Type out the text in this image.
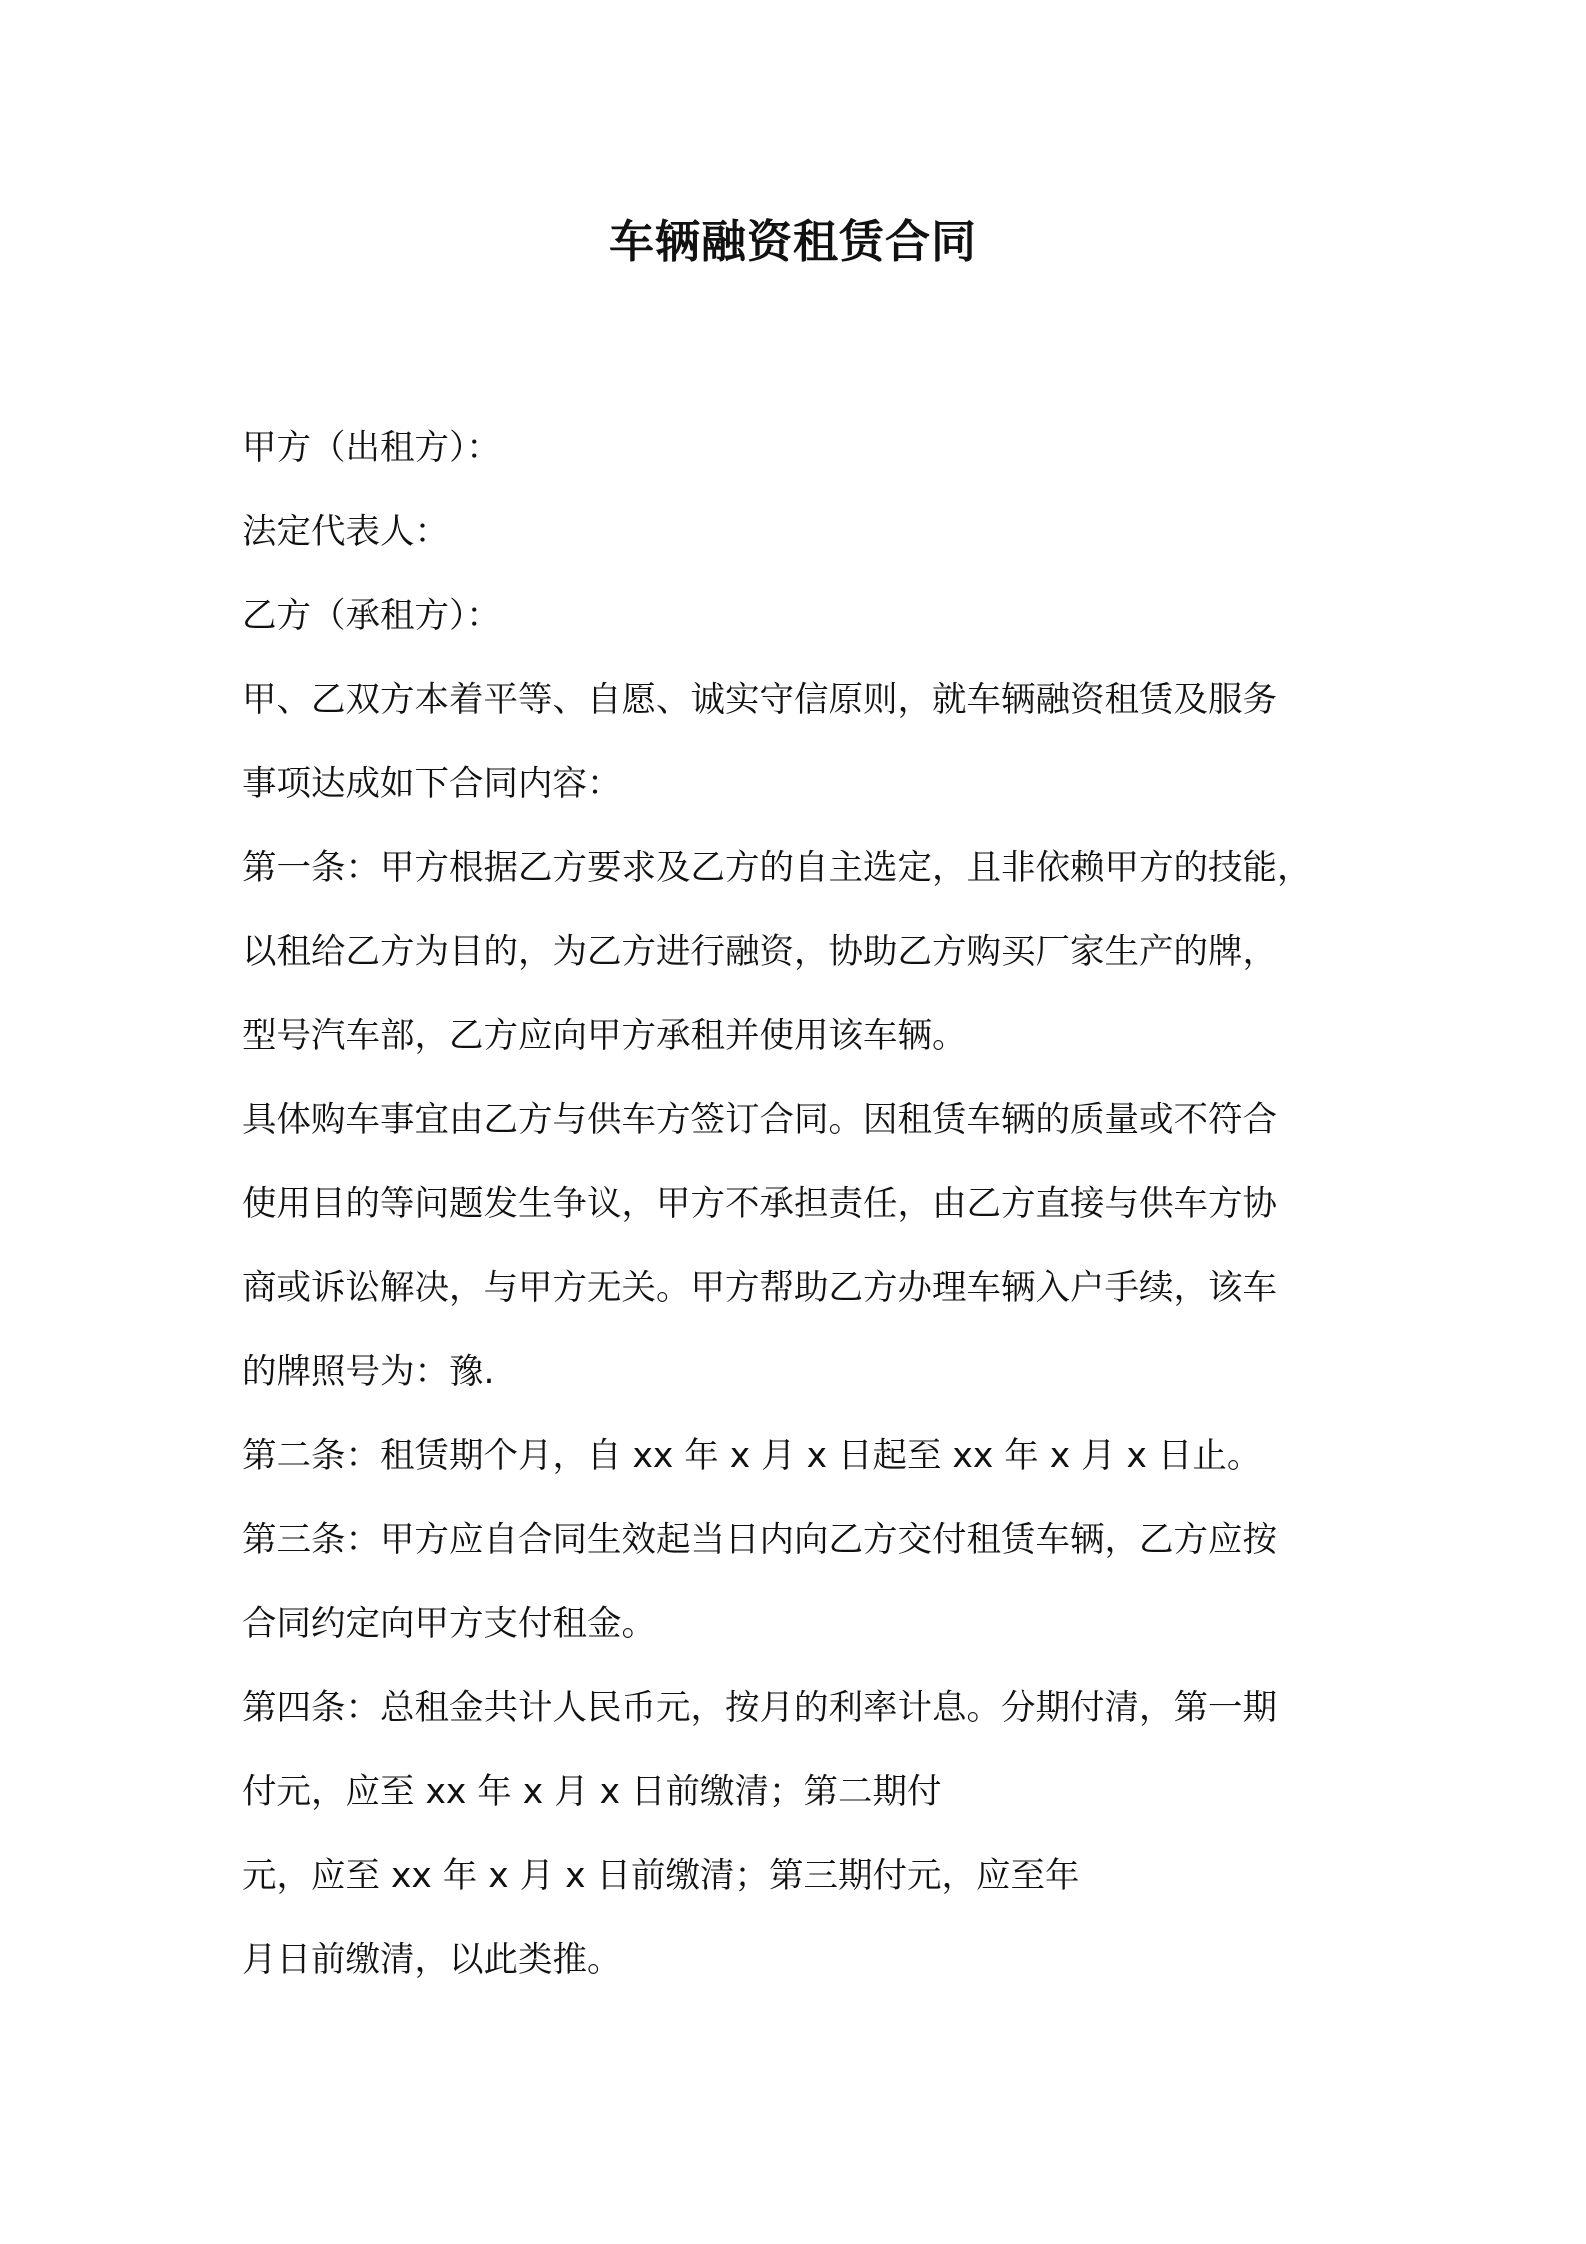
车辆融资租赁合同

甲方（出租方）：

法定代表人：

乙方（承租方）：

甲、乙双方本着平等、自愿、诚实守信原则，就车辆融资租赁及服务

事项达成如下合同内容：

第一条：甲方根据乙方要求及乙方的自主选定，且非依赖甲方的技能，

以租给乙方为目的，为乙方进行融资，协助乙方购买厂家生产的牌，

型号汽车部，乙方应向甲方承租并使用该车辆。

具体购车事宜由乙方与供车方签订合同。因租赁车辆的质量或不符合

使用目的等问题发生争议，甲方不承担责任，由乙方直接与供车方协

商或诉讼解决，与甲方无关。甲方帮助乙方办理车辆入户手续，该车

的牌照号为：豫.

第二条：租赁期个月，自 xx 年 x 月 x 日起至 xx 年 x 月 x 日止。

第三条：甲方应自合同生效起当日内向乙方交付租赁车辆，乙方应按

合同约定向甲方支付租金。

第四条：总租金共计人民币元，按月的利率计息。分期付清，第一期

付元，应至 xx 年 x 月 x 日前缴清；第二期付

元，应至 xx 年 x 月 x 日前缴清；第三期付元，应至年

月日前缴清，以此类推。
